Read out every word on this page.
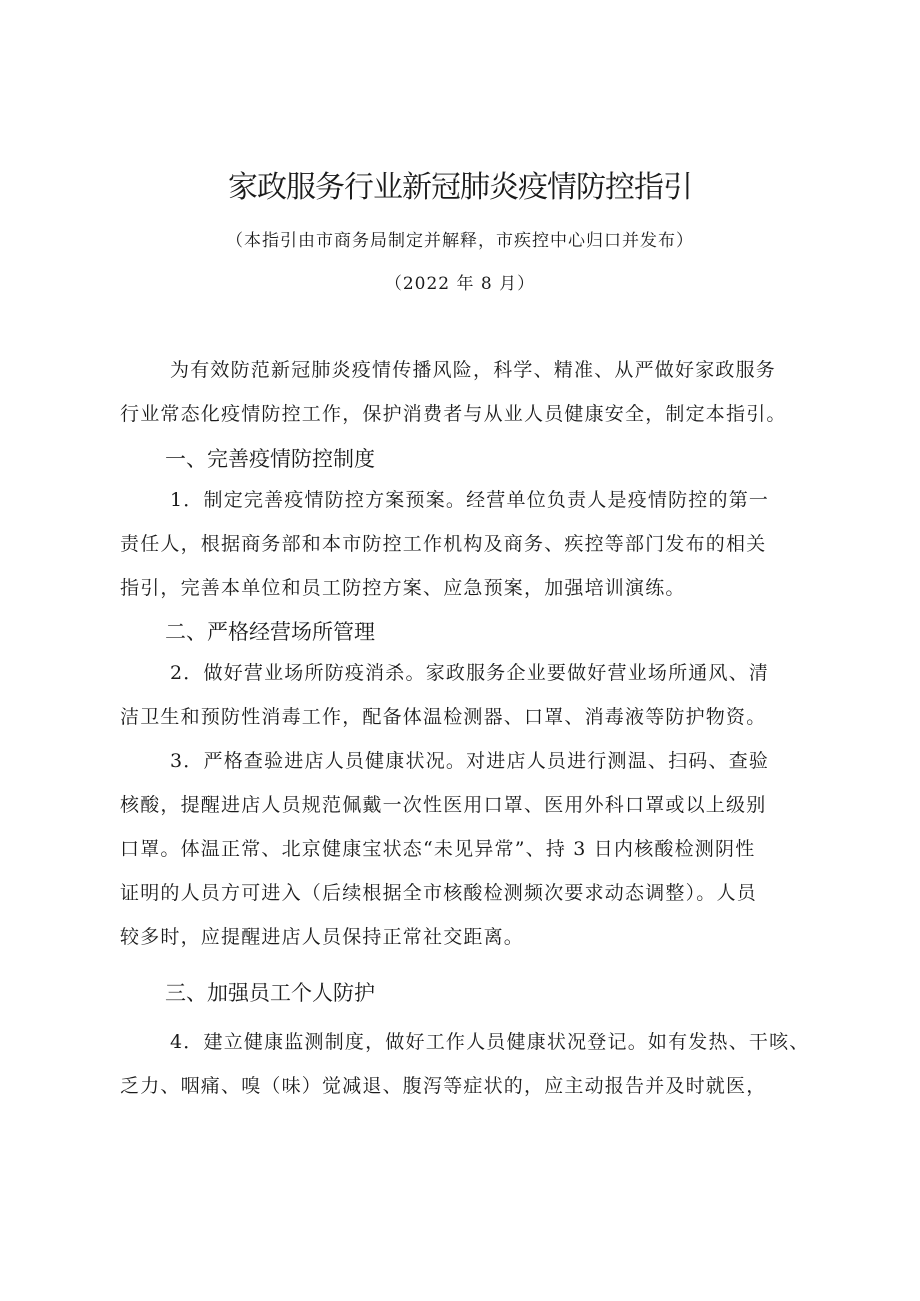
家政服务行业新冠肺炎疫情防控指引

（本指引由市商务局制定并解释，市疾控中心归口并发布）

（2022 年 8 月）

为有效防范新冠肺炎疫情传播风险，科学、精准、从严做好家政服务
行业常态化疫情防控工作，保护消费者与从业人员健康安全，制定本指引。

一、完善疫情防控制度

1．制定完善疫情防控方案预案。经营单位负责人是疫情防控的第一
责任人，根据商务部和本市防控工作机构及商务、疾控等部门发布的相关
指引，完善本单位和员工防控方案、应急预案，加强培训演练。

二、严格经营场所管理

2．做好营业场所防疫消杀。家政服务企业要做好营业场所通风、清
洁卫生和预防性消毒工作，配备体温检测器、口罩、消毒液等防护物资。

3．严格查验进店人员健康状况。对进店人员进行测温、扫码、查验
核酸，提醒进店人员规范佩戴一次性医用口罩、医用外科口罩或以上级别
口罩。体温正常、北京健康宝状态“未见异常”、持 3 日内核酸检测阴性
证明的人员方可进入（后续根据全市核酸检测频次要求动态调整）。人员
较多时，应提醒进店人员保持正常社交距离。

三、加强员工个人防护

4．建立健康监测制度，做好工作人员健康状况登记。如有发热、干咳、
乏力、咽痛、嗅（味）觉减退、腹泻等症状的，应主动报告并及时就医，
